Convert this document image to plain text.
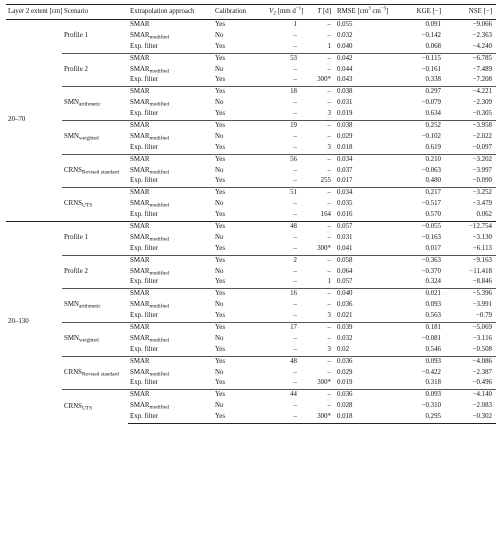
Layer 2 extent [cm]	Scenario	Extrapolation approach	Calibration	$V_2$ [mm $d^{-1}$]	T [d]	RMSE [$cm^3$ $cm^{-3}$]	KGE [−]	NSE [−]
20–70	Profile 1	SMAR	Yes	1	–	0.055	0.091	−9.066
		$SMAR_{modified}$	No	–	–	0.032	−0.142	−2.363
		Exp. filter	Yes	–	1	0.040	0.068	−4.240
	Profile 2	SMAR	Yes	53	–	0.042	−0.115	−6.785
		$SMAR_{modified}$	No	–	–	0.044	−0.161	−7.489
		Exp. filter	Yes	–	300*	0.043	0.338	−7.208
	$SMN_{arithmetic}$	SMAR	Yes	18	–	0.038	0.297	−4.221
		$SMAR_{modified}$	No	–	–	0.031	−0.079	−2.309
		Exp. filter	Yes	–	3	0.019	0.634	−0.305
	$SMN_{weighted}$	SMAR	Yes	19	–	0.038	0.252	−3.958
		$SMAR_{modified}$	No	–	–	0.029	−0.102	−2.022
		Exp. filter	Yes	–	3	0.018	0.619	−0.097
	$CRNS_{Revised standard}$	SMAR	Yes	56	–	0.034	0.210	−3.202
		$SMAR_{modified}$	No	–	–	0.037	−0.063	−3.997
		Exp. filter	Yes	–	255	0.017	0.480	−0.090
	$CRNS_{UTS}$	SMAR	Yes	51	–	0.034	0.217	−3.252
		$SMAR_{modified}$	No	–	–	0.035	−0.517	−3.479
		Exp. filter	Yes	–	164	0.016	0.570	0.062
20–130	Profile 1	SMAR	Yes	48	–	0.057	−0.055	−12.754
		$SMAR_{modified}$	No	–	–	0.031	−0.163	−3.130
		Exp. filter	Yes	–	300*	0.041	0.017	−6.113
	Profile 2	SMAR	Yes	2	–	0.058	−0.363	−9.163
		$SMAR_{modified}$	No	–	–	0.064	−0.370	−11.418
		Exp. filter	Yes	–	1	0.057	0.324	−8.846
	$SMN_{arithmetic}$	SMAR	Yes	16	–	0.040	0.021	−5.396
		$SMAR_{modified}$	No	–	–	0.036	0.093	−3.991
		Exp. filter	Yes	–	3	0.021	0.563	−0.79
	$SMN_{weighted}$	SMAR	Yes	17	–	0.039	0.181	−5.069
		$SMAR_{modified}$	No	–	–	0.032	−0.081	−3.116
		Exp. filter	Yes	–	3	0.02	0.546	−0.508
	$CRNS_{Revised standard}$	SMAR	Yes	48	–	0.036	0.093	−4.086
		$SMAR_{modified}$	No	–	–	0.029	−0.422	−2.387
		Exp. filter	Yes	–	300*	0.019	0.318	−0.496
	$CRNS_{UTS}$	SMAR	Yes	44	–	0.036	0.093	−4.140
		$SMAR_{modified}$	No	–	–	0.028	−0.310	−2.083
		Exp. filter	Yes	–	300*	0.018	0.295	−0.302
